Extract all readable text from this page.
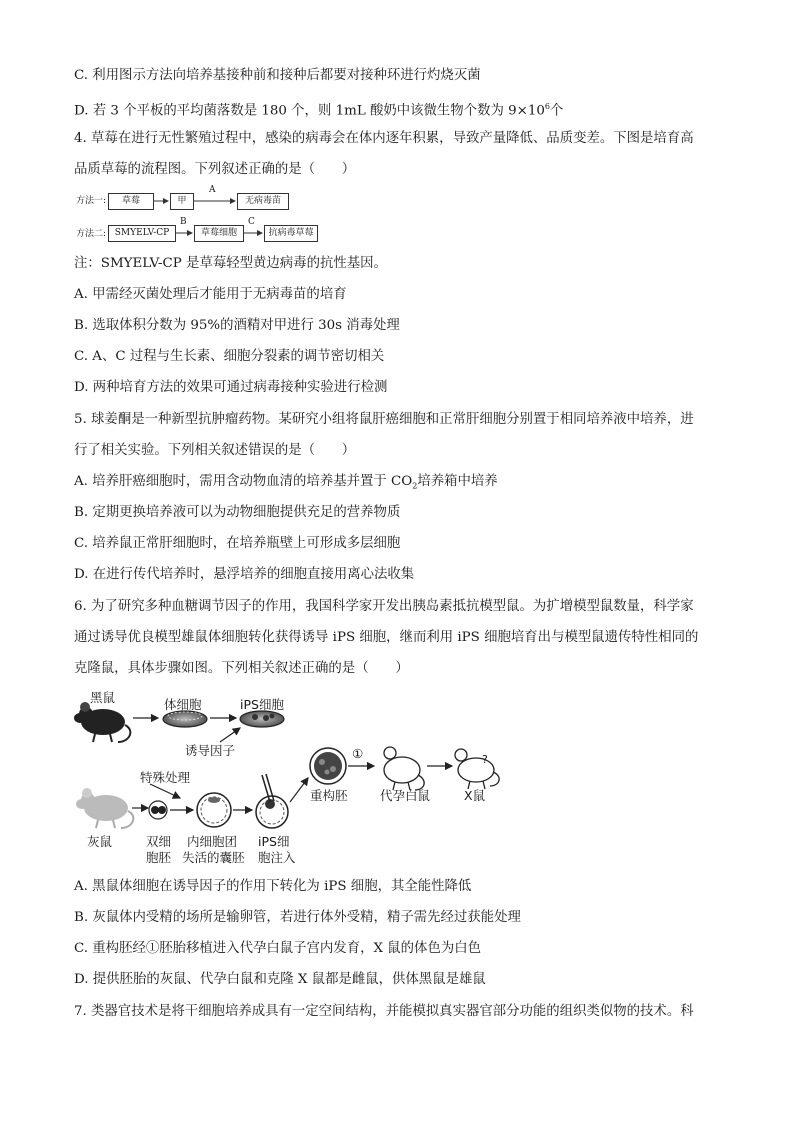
C. 利用图示方法向培养基接种前和接种后都要对接种环进行灼烧灭菌
D. 若 3 个平板的平均菌落数是 180 个，则 1mL 酸奶中该微生物个数为 $9\times 10^6$个
4. 草莓在进行无性繁殖过程中，感染的病毒会在体内逐年积累，导致产量降低、品质变差。下图是培育高
品质草莓的流程图。下列叙述正确的是（　　）
方法一:	草莓	甲	无病毒苗
A
方法二: SMYELV-CP	草莓细胞	抗病毒草莓
B	C
注：SMYELV-CP 是草莓轻型黄边病毒的抗性基因。
A. 甲需经灭菌处理后才能用于无病毒苗的培育
B. 选取体积分数为 95%的酒精对甲进行 30s 消毒处理
C. A、C 过程与生长素、细胞分裂素的调节密切相关
D. 两种培育方法的效果可通过病毒接种实验进行检测
5. 球姜酮是一种新型抗肿瘤药物。某研究小组将鼠肝癌细胞和正常肝细胞分别置于相同培养液中培养，进
行了相关实验。下列相关叙述错误的是（　　）
A. 培养肝癌细胞时，需用含动物血清的培养基并置于 $CO_2$培养箱中培养
B. 定期更换培养液可以为动物细胞提供充足的营养物质
C. 培养鼠正常肝细胞时，在培养瓶壁上可形成多层细胞
D. 在进行传代培养时，悬浮培养的细胞直接用离心法收集
6. 为了研究多种血糖调节因子的作用，我国科学家开发出胰岛素抵抗模型鼠。为扩增模型鼠数量，科学家
通过诱导优良模型雄鼠体细胞转化获得诱导 iPS 细胞，继而利用 iPS 细胞培育出与模型鼠遗传特性相同的
克隆鼠，具体步骤如图。下列相关叙述正确的是（　　）
黑鼠	体细胞	iPS细胞
诱导因子
特殊处理
灰鼠	双细
胞胚
内细胞团
失活的囊胚
iPS细
胞注入
重构胚
①
代孕白鼠	X鼠
?
A. 黑鼠体细胞在诱导因子的作用下转化为 iPS 细胞，其全能性降低
B. 灰鼠体内受精的场所是输卵管，若进行体外受精，精子需先经过获能处理
C. 重构胚经①胚胎移植进入代孕白鼠子宫内发育，X 鼠的体色为白色
D. 提供胚胎的灰鼠、代孕白鼠和克隆 X 鼠都是雌鼠，供体黑鼠是雄鼠
7. 类器官技术是将干细胞培养成具有一定空间结构，并能模拟真实器官部分功能的组织类似物的技术。科
